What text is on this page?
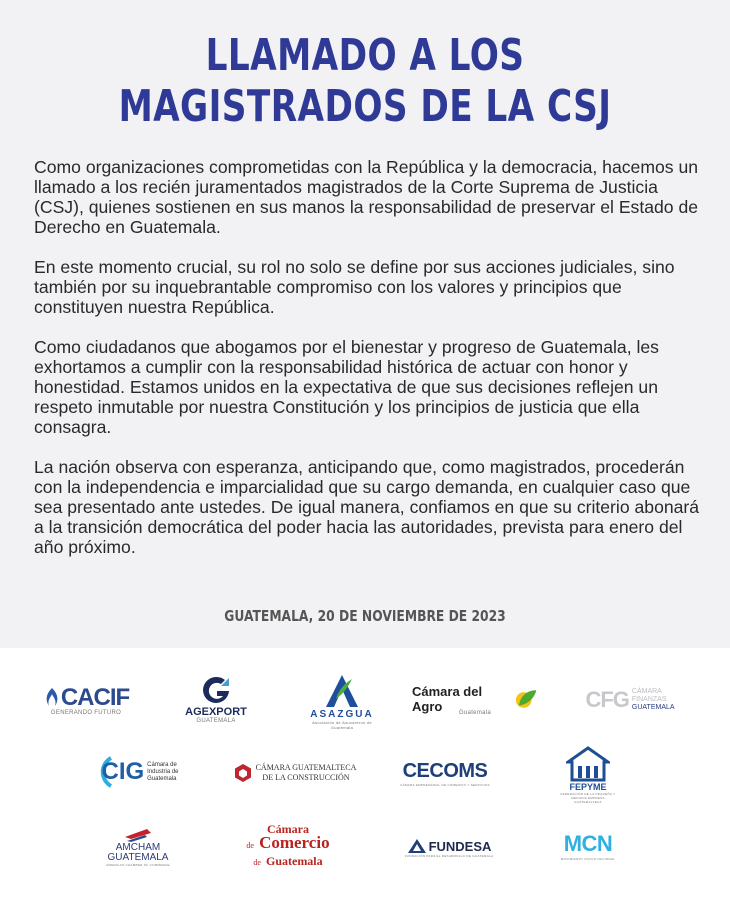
LLAMADO A LOS
MAGISTRADOS DE LA CSJ

Como organizaciones comprometidas con la República y la democracia, hacemos un llamado a los recién juramentados magistrados de la Corte Suprema de Justicia (CSJ), quienes sostienen en sus manos la responsabilidad de preservar el Estado de Derecho en Guatemala.

En este momento crucial, su rol no solo se define por sus acciones judiciales, sino también por su inquebrantable compromiso con los valores y principios que constituyen nuestra República.

Como ciudadanos que abogamos por el bienestar y progreso de Guatemala, les exhortamos a cumplir con la responsabilidad histórica de actuar con honor y honestidad. Estamos unidos en la expectativa de que sus decisiones reflejen un respeto inmutable por nuestra Constitución y los principios de justicia que ella consagra.

La nación observa con esperanza, anticipando que, como magistrados, procederán con la independencia e imparcialidad que su cargo demanda, en cualquier caso que sea presentado ante ustedes. De igual manera, confiamos en que su criterio abonará a la transición democrática del poder hacia las autoridades, prevista para enero del año próximo.

GUATEMALA, 20 DE NOVIEMBRE DE 2023
CACIF
GENERANDO FUTURO	AGEXPORT
GUATEMALA
ASAZGUA
Asociación de Azucareros de Guatemala
Cámara del Agro	Guatemala
CFG CÁMARA
FINANZAS
GUATEMALA
CIG Cámara de
Industria de
Guatemala
CÁMARA GUATEMALTECA
DE LA CONSTRUCCIÓN	CECOMS
CÁMARA EMPRESARIAL DE COMERCIO Y SERVICIOS	FEPYME
FEDERACIÓN DE LA PEQUEÑA Y MEDIANA EMPRESA GUATEMALTECA
AMCHAM
GUATEMALA
AMERICAN CHAMBER OF COMMERCE
Cámara
de Comercio
de Guatemala
FUNDESA
FUNDACIÓN PARA EL DESARROLLO DE GUATEMALA	MCN
MOVIMIENTO CÍVICO NACIONAL
